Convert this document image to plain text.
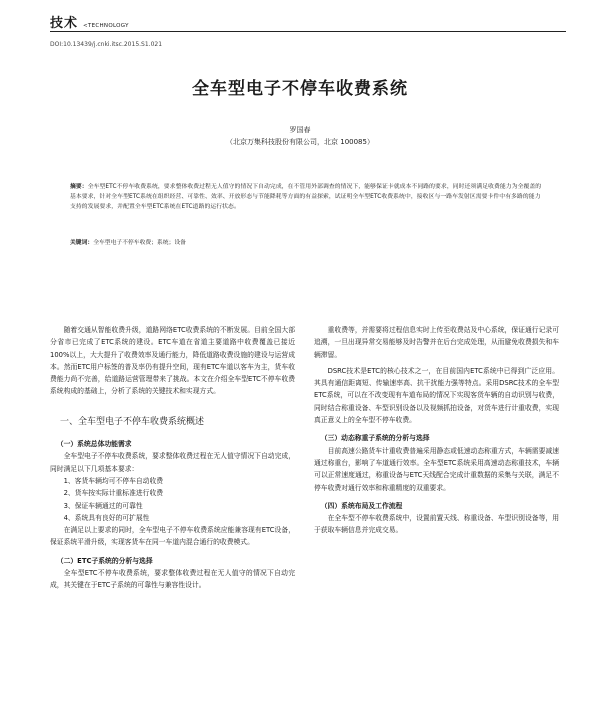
技术 <TECHNOLOGY
DOI:10.13439/j.cnki.itsc.2015.S1.021
全车型电子不停车收费系统
罗国春
（北京万集科技股份有限公司，北京 100085）
摘要：全车型ETC不停车收费系统，要求整体收费过程无人值守的情况下自动完成，在不管用外部调查的情况下，能够保证卡就成本不同路的要求，同时还须满足收费能力为全覆盖的基本要求，针对全车型ETC系统在组织经营、可靠性、效率、开放形态与节能降耗等方面的有益探索，试证明全车型ETC收费系统中，接收区与一路车发射区需要卡件中有多路的能力支持的发展要求，并配置全车型ETC系统在ETC道路的运行状态。
关键词：全车型电子不停车收费；系统；设备

随着交通从智能收费升级，道路网络ETC收费系统的不断发展。目前全国大部分省市已完成了ETC系统的建设。ETC车道在省道主要道路中收费覆盖已接近100%以上，大大提升了收费效率及通行能力，降低道路收费设施的建设与运营成本。然而ETC用户标签的普及率仍有提升空间，现有ETC车道以客车为主，货车收费能力尚不完善，给道路运营管理带来了挑战。本文在介绍全车型ETC不停车收费系统构成的基础上，分析了系统的关键技术和实现方式。

一、全车型电子不停车收费系统概述
（一）系统总体功能需求

全车型电子不停车收费系统，要求整体收费过程在无人值守情况下自动完成，同时满足以下几项基本要求：

1、客货车辆均可不停车自动收费

2、货车按实际计重标准进行收费

3、保证车辆通过的可靠性

4、系统具有良好的可扩展性

在满足以上要求的同时，全车型电子不停车收费系统应能兼容现有ETC设备，保证系统平滑升级，实现客货车在同一车道内混合通行的收费模式。

（二）ETC子系统的分析与选择

全车型ETC不停车收费系统，要求整体收费过程在无人值守的情况下自动完成，其关键在于ETC子系统的可靠性与兼容性设计。

重收费等，并需要将过程信息实时上传至收费站及中心系统，保证通行记录可追溯，一旦出现异常交易能够及时告警并在后台完成处理，从而避免收费损失和车辆滞留。

DSRC技术是ETC的核心技术之一，在目前国内ETC系统中已得到广泛应用。其具有通信距离短、传输速率高、抗干扰能力强等特点。采用DSRC技术的全车型ETC系统，可以在不改变现有车道布局的情况下实现客货车辆的自动识别与收费，同时结合称重设备、车型识别设备以及视频抓拍设备，对货车进行计重收费，实现真正意义上的全车型不停车收费。

（三）动态称重子系统的分析与选择

目前高速公路货车计重收费普遍采用静态或低速动态称重方式，车辆需要减速通过称重台，影响了车道通行效率。全车型ETC系统采用高速动态称重技术，车辆可以正常速度通过，称重设备与ETC天线配合完成计重数据的采集与关联，满足不停车收费对通行效率和称重精度的双重要求。

（四）系统布局及工作流程

在全车型不停车收费系统中，设置前置天线、称重设备、车型识别设备等，用于获取车辆信息并完成交易。
